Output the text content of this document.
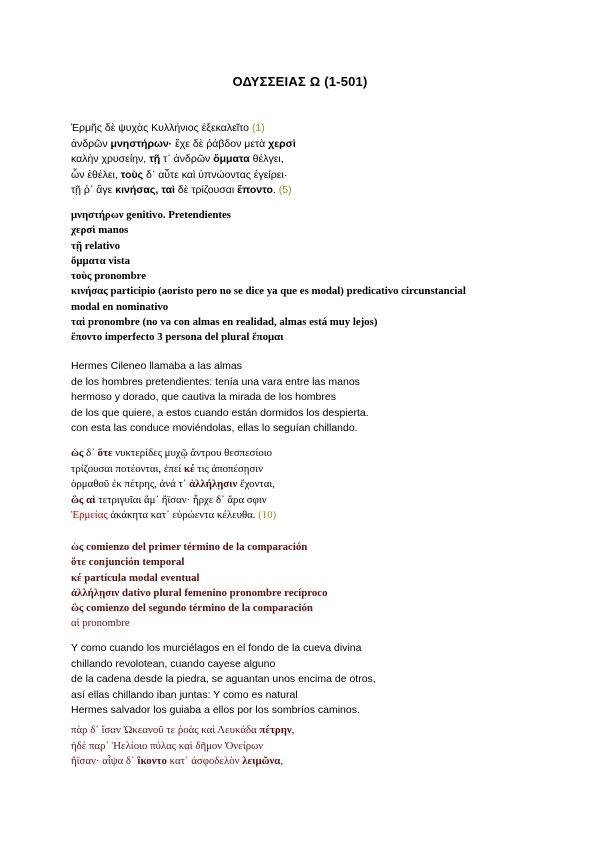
ΟΔΥΣΣΕΙΑΣ Ω (1-501)
Ἑρμῆς δὲ ψυχὰς Κυλλήνιος ἐξεκαλεῖτο (1)
ἀνδρῶν μνηστήρων· ἔχε δὲ ῥάβδον μετὰ χερσὶ
καλὴν χρυσείην, τῇ τ᾽ ἀνδρῶν ὄμματα θέλγει,
ὧν ἐθέλει, τοὺς δ᾽ αὖτε καὶ ὑπνώοντας ἐγείρει·
τῇ ῥ᾽ ἄγε κινήσας, ταὶ δὲ τρίζουσαι ἕποντο. (5)
μνηστήρων genitivo. Pretendientes
χερσὶ manos
τῇ relativo
ὄμματα vista
τοὺς pronombre
κινήσας participio (aoristo pero no se dice ya que es modal) predicativo circunstancial
modal en nominativo
ταὶ pronombre (no va con almas en realidad, almas está muy lejos)
ἕποντο imperfecto 3 persona del plural ἕπομαι
Hermes Cileneo llamaba a las almas
de los hombres pretendientes: tenía una vara entre las manos
hermoso y dorado, que cautiva la mirada de los hombres
de los que quiere, a estos cuando están dormidos los despierta.
con esta las conduce moviéndolas, ellas lo seguían chillando.
ὡς δ᾽ ὅτε νυκτερίδες μυχῷ ἄντρου θεσπεσίοιο
τρίζουσαι ποτέονται, ἐπεί κέ τις ἀποπέσῃσιν
ὁρμαθοῦ ἐκ πέτρης, ἀνά τ᾽ ἀλλήλῃσιν ἔχονται,
ὣς αἱ τετριγυῖαι ἅμ᾽ ἤϊσαν· ἦρχε δ᾽ ἄρα σφιν
Ἑρμείας ἀκάκητα κατ᾽ εὐρώεντα κέλευθα. (10)
ὡς comienzo del primer término de la comparación
ὅτε conjunción temporal
κέ partícula modal eventual
ἀλλήλῃσιν dativo plural femenino pronombre recíproco
ὣς comienzo del segundo término de la comparación
αἱ pronombre
Y como cuando los murciélagos en el fondo de la cueva divina
chillando revolotean, cuando cayese alguno
de la cadena desde la piedra, se aguantan unos encima de otros,
así ellas chillando iban juntas: Y como es natural
Hermes salvador los guiaba a ellos por los sombríos caminos.
πὰρ δ᾽ ἴσαν Ὠκεανοῦ τε ῥοὰς καὶ Λευκάδα πέτρην,
ἠδὲ παρ᾽ Ἠελίοιο πύλας καὶ δῆμον Ὀνείρων
ἤϊσαν· αἶψα δ᾽ ἵκοντο κατ᾽ ἀσφοδελὸν λειμῶνα,
